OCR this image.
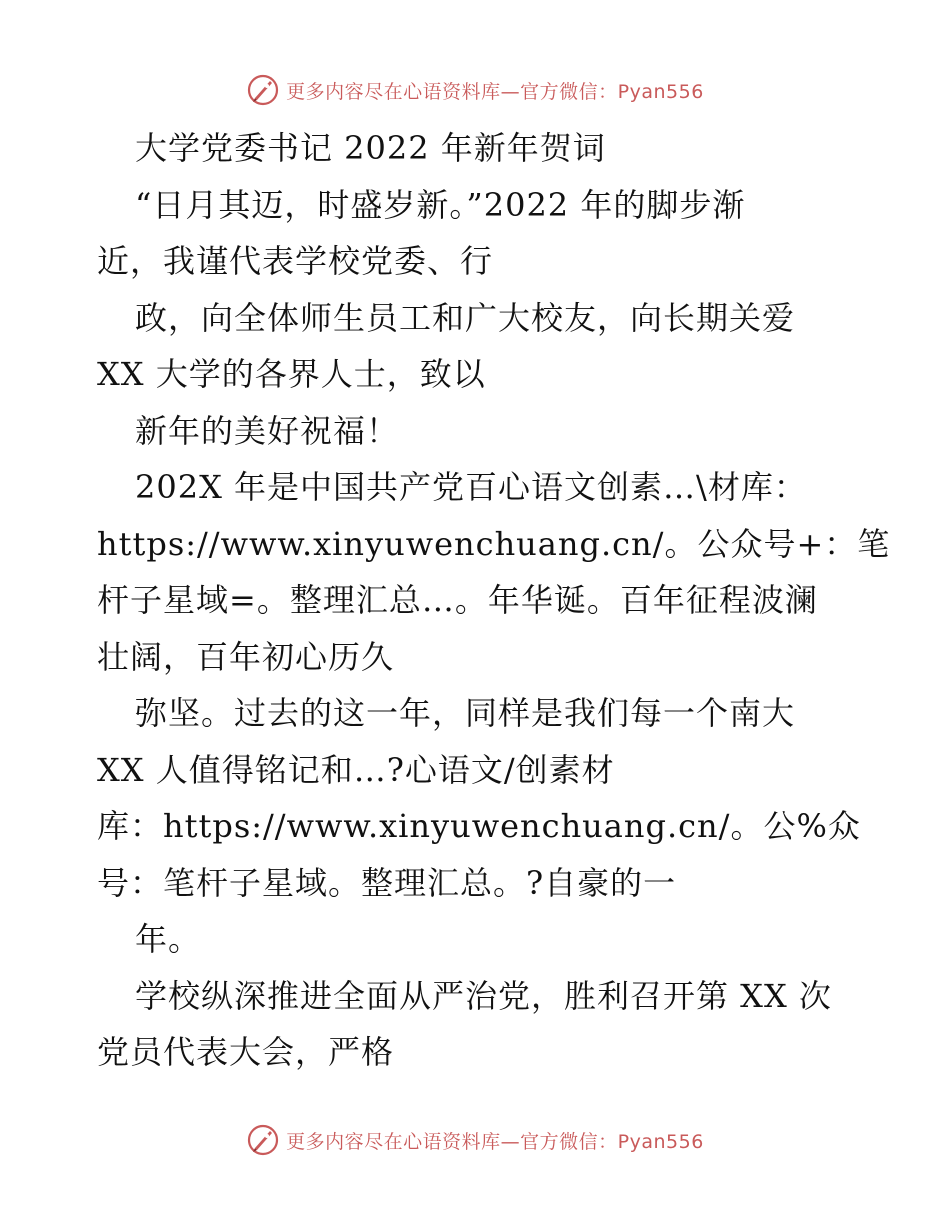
更多内容尽在心语资料库—官方微信：Pyan556
大学党委书记 2022 年新年贺词
“日月其迈，时盛岁新。”2022 年的脚步渐
近，我谨代表学校党委、行
政，向全体师生员工和广大校友，向长期关爱
XX 大学的各界人士，致以
新年的美好祝福！
202X 年是中国共产党百心语文创素…\材库：
https://www.xinyuwenchuang.cn/。公众号+：笔
杆子星域=。整理汇总…。年华诞。百年征程波澜
壮阔，百年初心历久
弥坚。过去的这一年，同样是我们每一个南大
XX 人值得铭记和…?心语文/创素材
库：https://www.xinyuwenchuang.cn/。公%众
号：笔杆子星域。整理汇总。?自豪的一
年。
学校纵深推进全面从严治党，胜利召开第 XX 次
党员代表大会，严格
更多内容尽在心语资料库—官方微信：Pyan556
